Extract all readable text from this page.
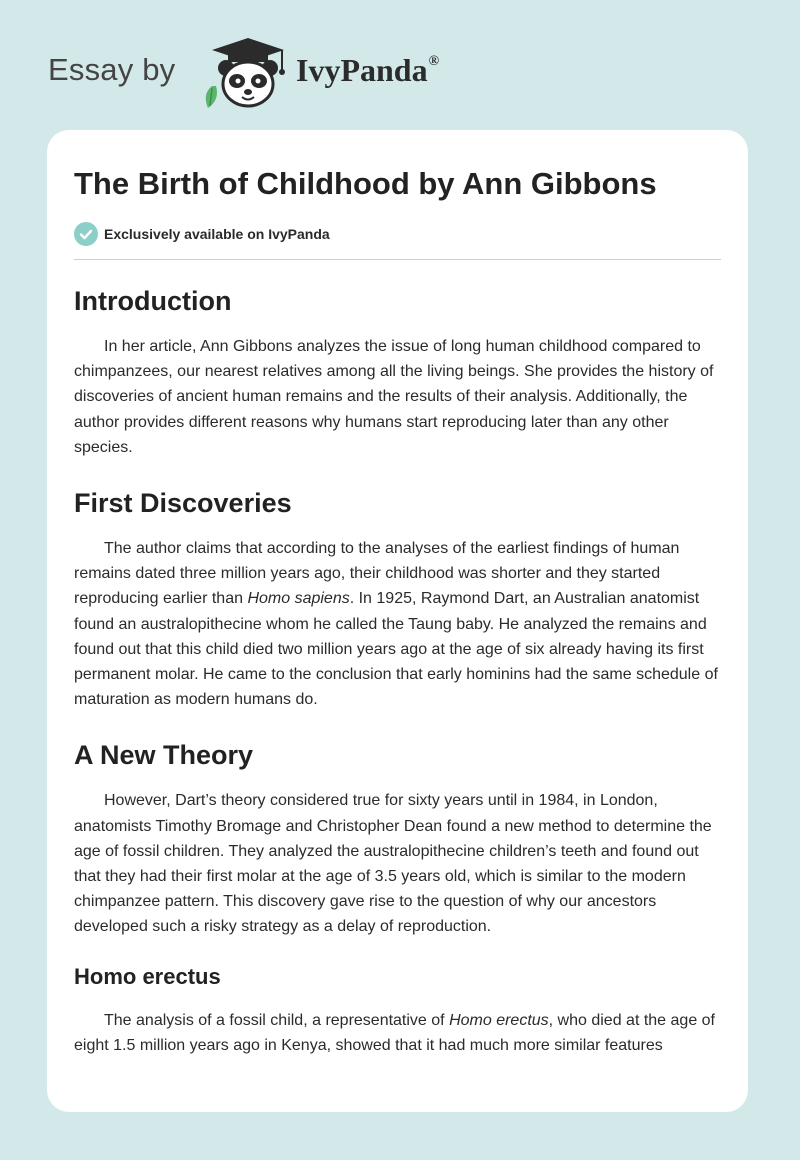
Essay by	IvyPanda®
The Birth of Childhood by Ann Gibbons
Exclusively available on IvyPanda
Introduction

In her article, Ann Gibbons analyzes the issue of long human childhood compared to chimpanzees, our nearest relatives among all the living beings. She provides the history of discoveries of ancient human remains and the results of their analysis. Additionally, the author provides different reasons why humans start reproducing later than any other species.

First Discoveries

The author claims that according to the analyses of the earliest findings of human remains dated three million years ago, their childhood was shorter and they started reproducing earlier than Homo sapiens. In 1925, Raymond Dart, an Australian anatomist found an australopithecine whom he called the Taung baby. He analyzed the remains and found out that this child died two million years ago at the age of six already having its first permanent molar. He came to the conclusion that early hominins had the same schedule of maturation as modern humans do.

A New Theory

However, Dart’s theory considered true for sixty years until in 1984, in London, anatomists Timothy Bromage and Christopher Dean found a new method to determine the age of fossil children. They analyzed the australopithecine children’s teeth and found out that they had their first molar at the age of 3.5 years old, which is similar to the modern chimpanzee pattern. This discovery gave rise to the question of why our ancestors developed such a risky strategy as a delay of reproduction.

Homo erectus

The analysis of a fossil child, a representative of Homo erectus, who died at the age of eight 1.5 million years ago in Kenya, showed that it had much more similar features
